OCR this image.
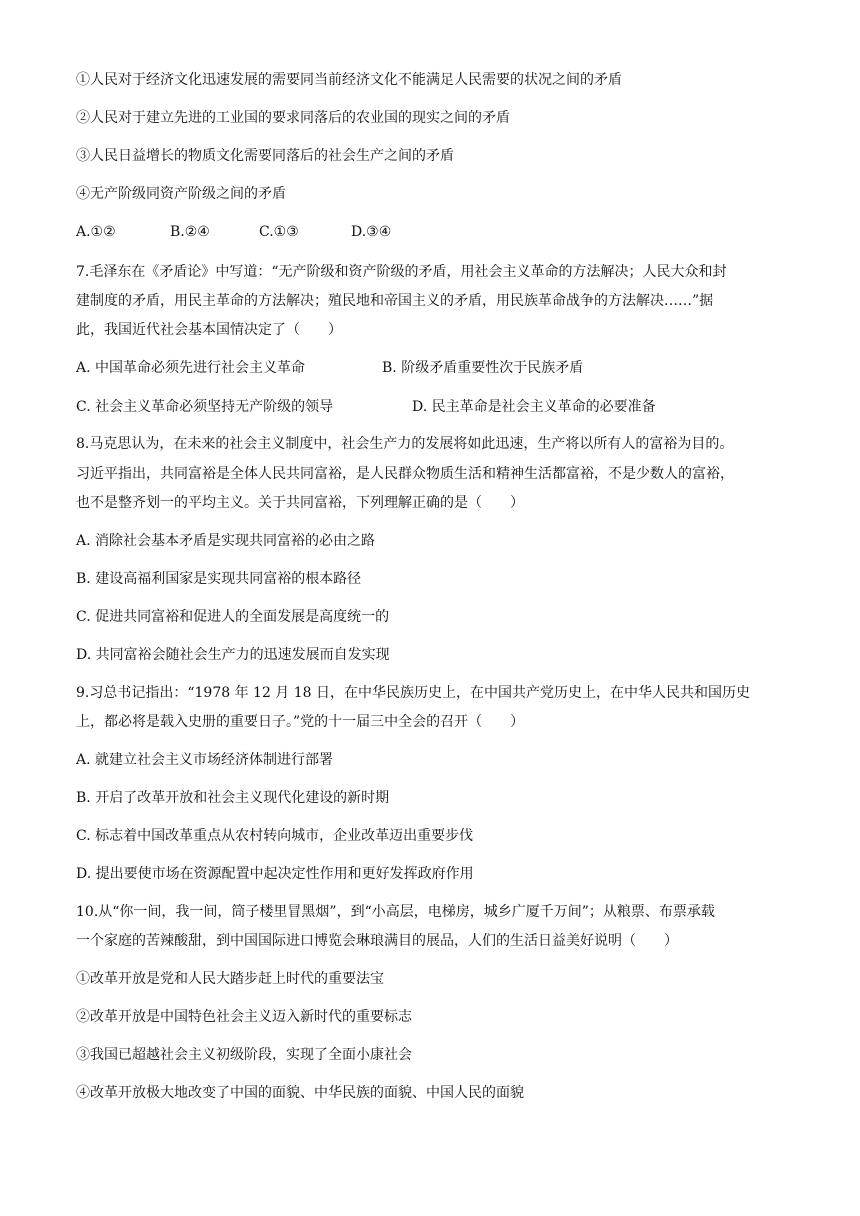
①人民对于经济文化迅速发展的需要同当前经济文化不能满足人民需要的状况之间的矛盾
②人民对于建立先进的工业国的要求同落后的农业国的现实之间的矛盾
③人民日益增长的物质文化需要同落后的社会生产之间的矛盾
④无产阶级同资产阶级之间的矛盾
A.①②	B.②④	C.①③	D.③④
7.毛泽东在《矛盾论》中写道：“无产阶级和资产阶级的矛盾，用社会主义革命的方法解决；人民大众和封
建制度的矛盾，用民主革命的方法解决；殖民地和帝国主义的矛盾，用民族革命战争的方法解决……”据
此，我国近代社会基本国情决定了（　　）
A. 中国革命必须先进行社会主义革命	B. 阶级矛盾重要性次于民族矛盾
C. 社会主义革命必须坚持无产阶级的领导	D. 民主革命是社会主义革命的必要准备
8.马克思认为，在未来的社会主义制度中，社会生产力的发展将如此迅速，生产将以所有人的富裕为目的。
习近平指出，共同富裕是全体人民共同富裕，是人民群众物质生活和精神生活都富裕，不是少数人的富裕，
也不是整齐划一的平均主义。关于共同富裕，下列理解正确的是（　　）
A. 消除社会基本矛盾是实现共同富裕的必由之路
B. 建设高福利国家是实现共同富裕的根本路径
C. 促进共同富裕和促进人的全面发展是高度统一的
D. 共同富裕会随社会生产力的迅速发展而自发实现
9.习总书记指出：“1978 年 12 月 18 日，在中华民族历史上，在中国共产党历史上，在中华人民共和国历史
上，都必将是载入史册的重要日子。”党的十一届三中全会的召开（　　）
A. 就建立社会主义市场经济体制进行部署
B. 开启了改革开放和社会主义现代化建设的新时期
C. 标志着中国改革重点从农村转向城市，企业改革迈出重要步伐
D. 提出要使市场在资源配置中起决定性作用和更好发挥政府作用
10.从“你一间，我一间，筒子楼里冒黑烟”，到“小高层，电梯房，城乡广厦千万间”；从粮票、布票承载
一个家庭的苦辣酸甜，到中国国际进口博览会琳琅满目的展品，人们的生活日益美好说明（　　）
①改革开放是党和人民大踏步赶上时代的重要法宝
②改革开放是中国特色社会主义迈入新时代的重要标志
③我国已超越社会主义初级阶段，实现了全面小康社会
④改革开放极大地改变了中国的面貌、中华民族的面貌、中国人民的面貌
